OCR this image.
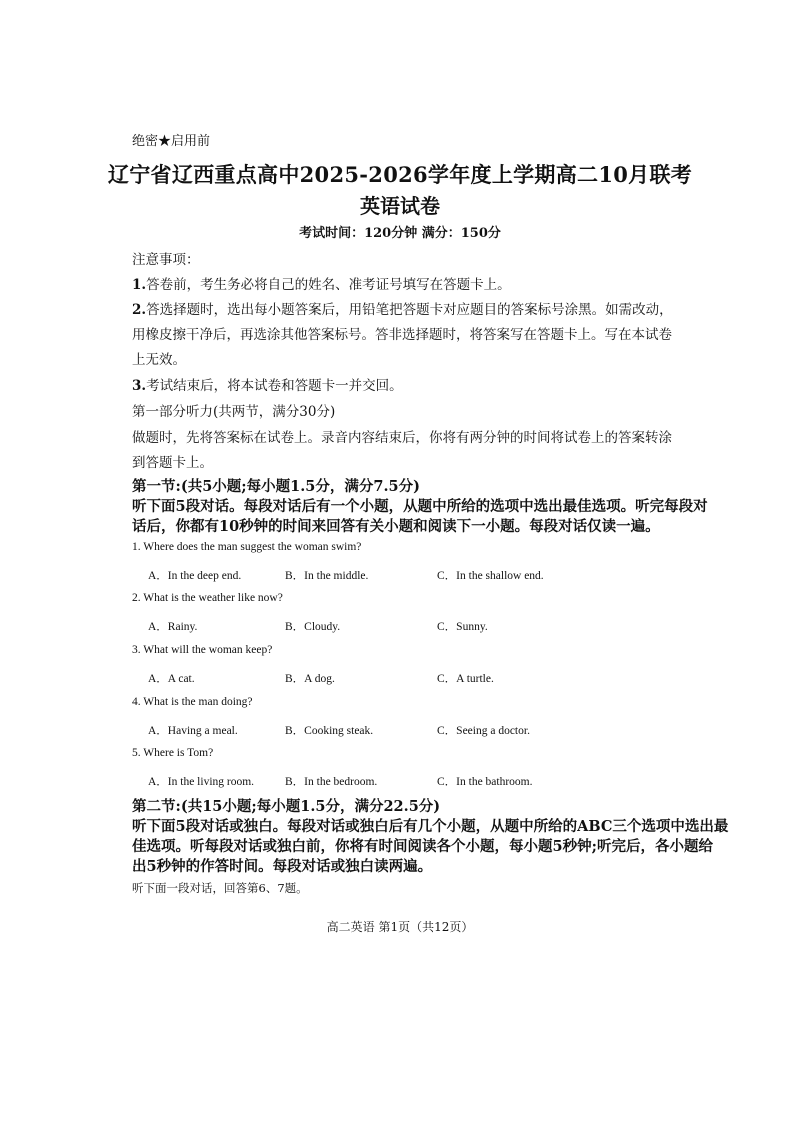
绝密★启用前
辽宁省辽西重点高中2025-2026学年度上学期高二10月联考
英语试卷
考试时间：120分钟 满分：150分
注意事项：
1.答卷前，考生务必将自己的姓名、准考证号填写在答题卡上。
2.答选择题时，选出每小题答案后，用铅笔把答题卡对应题目的答案标号涂黑。如需改动，
用橡皮擦干净后，再选涂其他答案标号。答非选择题时，将答案写在答题卡上。写在本试卷
上无效。
3.考试结束后，将本试卷和答题卡一并交回。
第一部分听力(共两节，满分30分)
做题时，先将答案标在试卷上。录音内容结束后，你将有两分钟的时间将试卷上的答案转涂
到答题卡上。
第一节:(共5小题;每小题1.5分，满分7.5分)
听下面5段对话。每段对话后有一个小题，从题中所给的选项中选出最佳选项。听完每段对
话后，你都有10秒钟的时间来回答有关小题和阅读下一小题。每段对话仅读一遍。
1. Where does the man suggest the woman swim?
A．In the deep end.	B．In the middle.	C．In the shallow end.
2. What is the weather like now?
A．Rainy.	B．Cloudy.	C．Sunny.
3. What will the woman keep?
A．A cat.	B．A dog.	C．A turtle.
4. What is the man doing?
A．Having a meal.	B．Cooking steak.	C．Seeing a doctor.
5. Where is Tom?
A．In the living room.	B．In the bedroom.	C．In the bathroom.
第二节:(共15小题;每小题1.5分，满分22.5分)
听下面5段对话或独白。每段对话或独白后有几个小题，从题中所给的ABC三个选项中选出最
佳选项。听每段对话或独白前，你将有时间阅读各个小题，每小题5秒钟;听完后，各小题给
出5秒钟的作答时间。每段对话或独白读两遍。
听下面一段对话，回答第6、7题。
高二英语 第1页（共12页）
